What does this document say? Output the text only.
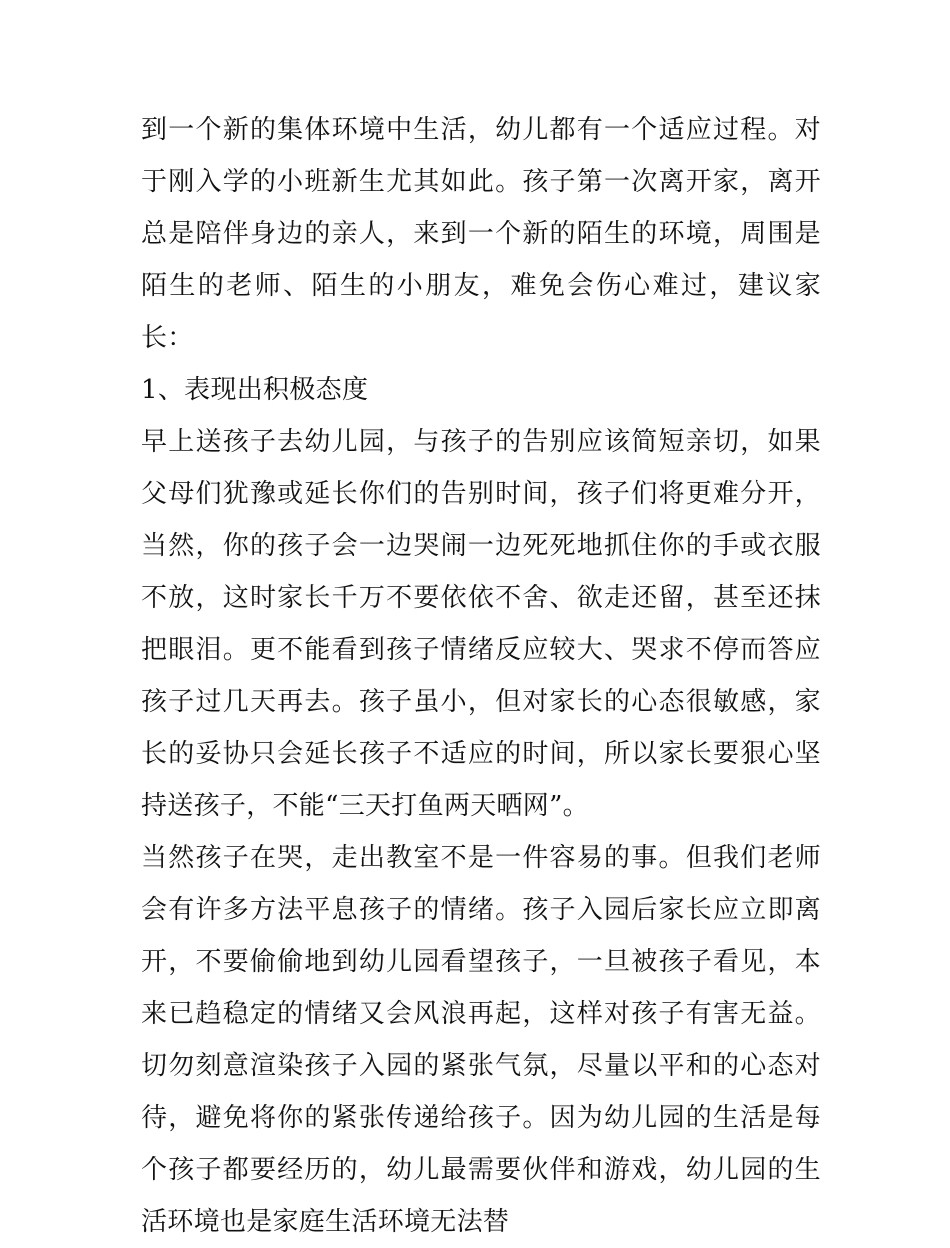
到一个新的集体环境中生活，幼儿都有一个适应过程。对于刚入学的小班新生尤其如此。孩子第一次离开家，离开总是陪伴身边的亲人，来到一个新的陌生的环境，周围是陌生的老师、陌生的小朋友，难免会伤心难过，建议家长：

1、表现出积极态度

早上送孩子去幼儿园，与孩子的告别应该简短亲切，如果父母们犹豫或延长你们的告别时间，孩子们将更难分开，当然，你的孩子会一边哭闹一边死死地抓住你的手或衣服不放，这时家长千万不要依依不舍、欲走还留，甚至还抹把眼泪。更不能看到孩子情绪反应较大、哭求不停而答应孩子过几天再去。孩子虽小，但对家长的心态很敏感，家长的妥协只会延长孩子不适应的时间，所以家长要狠心坚持送孩子，不能“三天打鱼两天晒网”。

当然孩子在哭，走出教室不是一件容易的事。但我们老师会有许多方法平息孩子的情绪。孩子入园后家长应立即离开，不要偷偷地到幼儿园看望孩子，一旦被孩子看见，本来已趋稳定的情绪又会风浪再起，这样对孩子有害无益。切勿刻意渲染孩子入园的紧张气氛，尽量以平和的心态对待，避免将你的紧张传递给孩子。因为幼儿园的生活是每个孩子都要经历的，幼儿最需要伙伴和游戏，幼儿园的生活环境也是家庭生活环境无法替
